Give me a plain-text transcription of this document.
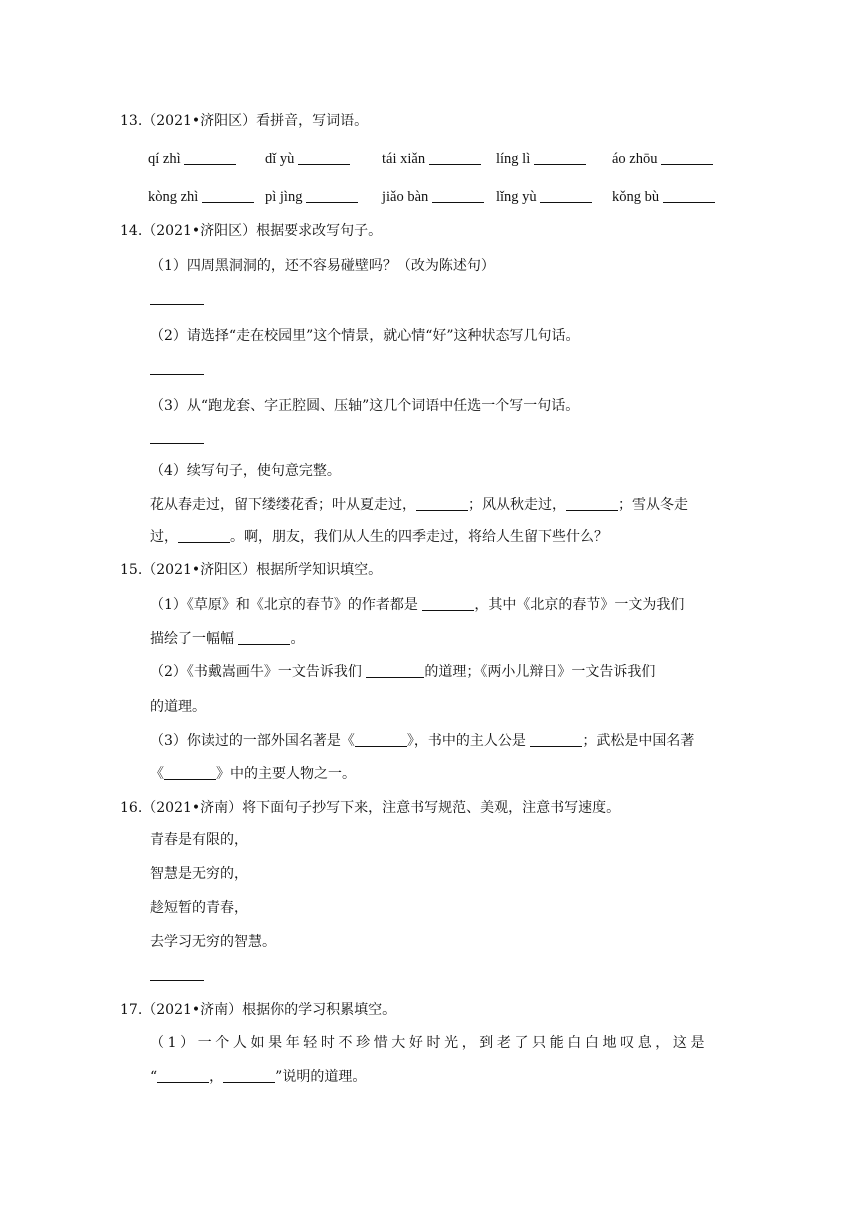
13.（2021•济阳区）看拼音，写词语。
qí zhì	dǐ yù	tái xiǎn	líng lì	áo zhōu
kòng zhì	pì jìng	jiǎo bàn	lǐng yù	kǒng bù
14.（2021•济阳区）根据要求改写句子。
（1）四周黑洞洞的，还不容易碰壁吗？（改为陈述句）
（2）请选择“走在校园里”这个情景，就心情“好”这种状态写几句话。
（3）从“跑龙套、字正腔圆、压轴”这几个词语中任选一个写一句话。
（4）续写句子，使句意完整。
花从春走过，留下缕缕花香；叶从夏走过，	；风从秋走过，	；雪从冬走
过，	。啊，朋友，我们从人生的四季走过，将给人生留下些什么？
15.（2021•济阳区）根据所学知识填空。
（1）《草原》和《北京的春节》的作者都是	，其中《北京的春节》一文为我们
描绘了一幅幅	。
（2）《书戴嵩画牛》一文告诉我们	的道理；《两小儿辩日》一文告诉我们
的道理。
（3）你读过的一部外国名著是《	》，书中的主人公是	；武松是中国名著
《	》中的主要人物之一。
16.（2021•济南）将下面句子抄写下来，注意书写规范、美观，注意书写速度。
青春是有限的，
智慧是无穷的，
趁短暂的青春，
去学习无穷的智慧。
17.（2021•济南）根据你的学习积累填空。
（1）一个人如果年轻时不珍惜大好时光，到老了只能白白地叹息，这是
“	，	”说明的道理。
